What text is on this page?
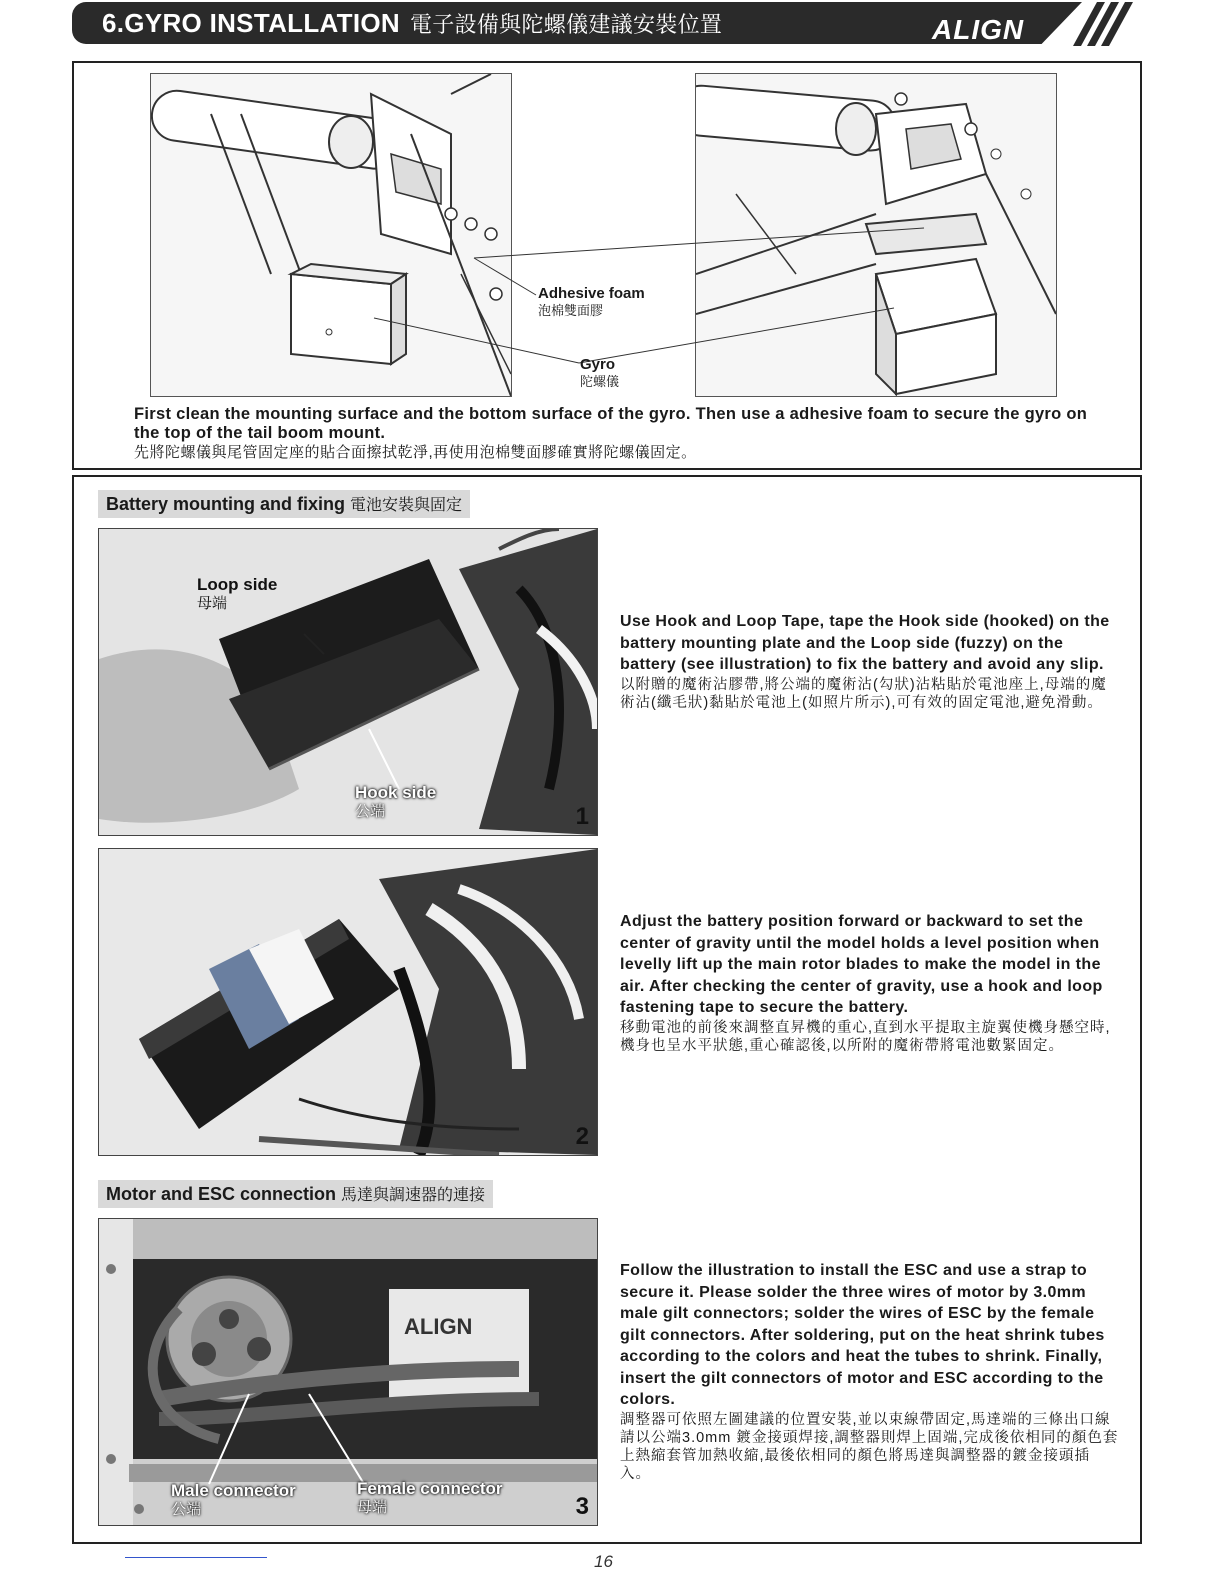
6.GYRO INSTALLATION 電子設備與陀螺儀建議安裝位置	ALIGN
Adhesive foam
泡棉雙面膠
Gyro
陀螺儀
First clean the mounting surface and the bottom surface of the gyro. Then use a adhesive foam to secure the gyro on the top of the tail boom mount.
先將陀螺儀與尾管固定座的貼合面擦拭乾淨,再使用泡棉雙面膠確實將陀螺儀固定。
Battery mounting and fixing 電池安裝與固定
Loop side
母端
Hook side
公端	1
Use Hook and Loop Tape, tape the Hook side (hooked) on the battery mounting plate and the Loop side (fuzzy) on the battery (see illustration) to fix the battery and avoid any slip.
以附贈的魔術沾膠帶,將公端的魔術沾(勾狀)沾粘貼於電池座上,母端的魔術沾(纖毛狀)黏貼於電池上(如照片所示),可有效的固定電池,避免滑動。
2
Adjust the battery position forward or backward to set the center of gravity until the model holds a level position when levelly lift up the main rotor blades to make the model in the air. After checking the center of gravity, use a hook and loop fastening tape to secure the battery.
移動電池的前後來調整直昇機的重心,直到水平提取主旋翼使機身懸空時,機身也呈水平狀態,重心確認後,以所附的魔術帶將電池數緊固定。
Motor and ESC connection 馬達與調速器的連接
ALIGN
Male connector
公端
Female connector
母端	3
Follow the illustration to install the ESC and use a strap to secure it. Please solder the three wires of motor by 3.0mm male gilt connectors; solder the wires of ESC by the female gilt connectors. After soldering, put on the heat shrink tubes according to the colors and heat the tubes to shrink. Finally, insert the gilt connectors of motor and ESC according to the colors.
調整器可依照左圖建議的位置安裝,並以束線帶固定,馬達端的三條出口線請以公端3.0mm 鍍金接頭焊接,調整器則焊上固端,完成後依相同的顏色套上熱縮套管加熱收縮,最後依相同的顏色將馬達與調整器的鍍金接頭插入。
16
